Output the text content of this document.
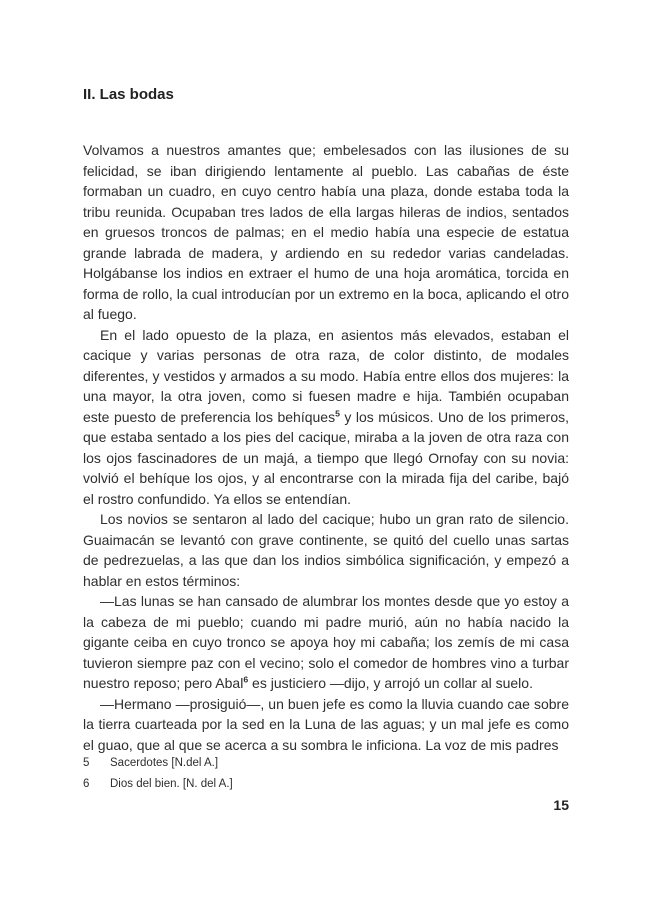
II. Las bodas

Volvamos a nuestros amantes que; embelesados con las ilusiones de su felicidad, se iban dirigiendo lentamente al pueblo. Las cabañas de éste formaban un cuadro, en cuyo centro había una plaza, donde estaba toda la tribu reunida. Ocupaban tres lados de ella largas hileras de indios, sentados en gruesos troncos de palmas; en el medio había una especie de estatua grande labrada de madera, y ardiendo en su rededor varias candeladas. Holgábanse los indios en extraer el humo de una hoja aromática, torcida en forma de rollo, la cual introducían por un extremo en la boca, aplicando el otro al fuego.

En el lado opuesto de la plaza, en asientos más elevados, estaban el cacique y varias personas de otra raza, de color distinto, de modales diferentes, y vestidos y armados a su modo. Había entre ellos dos mujeres: la una mayor, la otra joven, como si fuesen madre e hija. También ocupaban este puesto de preferencia los behíques$^5$ y los músicos. Uno de los primeros, que estaba sentado a los pies del cacique, miraba a la joven de otra raza con los ojos fascinadores de un majá, a tiempo que llegó Ornofay con su novia: volvió el behíque los ojos, y al encontrarse con la mirada fija del caribe, bajó el rostro confundido. Ya ellos se entendían.

Los novios se sentaron al lado del cacique; hubo un gran rato de silencio. Guaimacán se levantó con grave continente, se quitó del cuello unas sartas de pedrezuelas, a las que dan los indios simbólica significación, y empezó a hablar en estos términos:

—Las lunas se han cansado de alumbrar los montes desde que yo estoy a la cabeza de mi pueblo; cuando mi padre murió, aún no había nacido la gigante ceiba en cuyo tronco se apoya hoy mi cabaña; los zemís de mi casa tuvieron siempre paz con el vecino; solo el comedor de hombres vino a turbar nuestro reposo; pero Abal$^6$ es justiciero —dijo, y arrojó un collar al suelo.

—Hermano —prosiguió—, un buen jefe es como la lluvia cuando cae sobre la tierra cuarteada por la sed en la Luna de las aguas; y un mal jefe es como el guao, que al que se acerca a su sombra le inficiona. La voz de mis padres

5	Sacerdotes [N.del A.]
6	Dios del bien. [N. del A.]
15
